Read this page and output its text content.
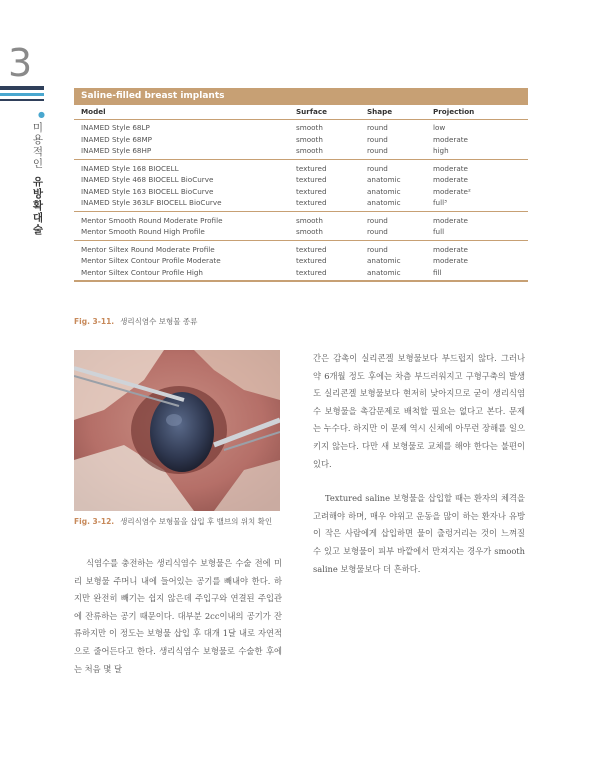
3
●
미
용
적
인
유
방
확
대
술
Saline-filled breast implants
Model	Surface	Shape	Projection
INAMED Style 68LP	smooth	round	low
INAMED Style 68MP	smooth	round	moderate
INAMED Style 68HP	smooth	round	high
INAMED Style 168 BIOCELL	textured	round	moderate
INAMED Style 468 BIOCELL BioCurve	textured	anatomic	moderate
INAMED Style 163 BIOCELL BioCurve	textured	anatomic	moderate²
INAMED Style 363LF BIOCELL BioCurve	textured	anatomic	full³
Mentor Smooth Round Moderate Profile	smooth	round	moderate
Mentor Smooth Round High Profile	smooth	round	full
Mentor Siltex Round Moderate Profile	textured	round	moderate
Mentor Siltex Contour Profile Moderate	textured	anatomic	moderate
Mentor Siltex Contour Profile High	textured	anatomic	fill
Fig. 3-11. 생리식염수 보형물 종류
Fig. 3-12. 생리식염수 보형물을 삽입 후 밸브의 위치 확인

식염수를 충전하는 생리식염수 보형물은 수술 전에 미리 보형물 주머니 내에 들어있는 공기를 빼내야 한다. 하지만 완전히 빼기는 쉽지 않은데 주입구와 연결된 주입관에 잔류하는 공기 때문이다. 대부분 2cc이내의 공기가 잔류하지만 이 정도는 보형물 삽입 후 대개 1달 내로 자연적으로 줄어든다고 한다. 생리식염수 보형물로 수술한 후에는 처음 몇 달

간은 감촉이 실리콘겔 보형물보다 부드럽지 않다. 그러나 약 6개월 정도 후에는 차츰 부드러워지고 구형구축의 발생도 실리콘겔 보형물보다 현저히 낮아지므로 굳이 생리식염수 보형물을 촉감문제로 배척할 필요는 없다고 본다. 문제는 누수다. 하지만 이 문제 역시 신체에 아무런 장해를 일으키지 않는다. 다만 새 보형물로 교체를 해야 한다는 불편이 있다.

Textured saline 보형물을 삽입할 때는 환자의 체격을 고려해야 하며, 매우 야위고 운동을 많이 하는 환자나 유방이 작은 사람에게 삽입하면 물이 출렁거리는 것이 느껴질 수 있고 보형물이 피부 바깥에서 만져지는 경우가 smooth saline 보형물보다 더 흔하다.
